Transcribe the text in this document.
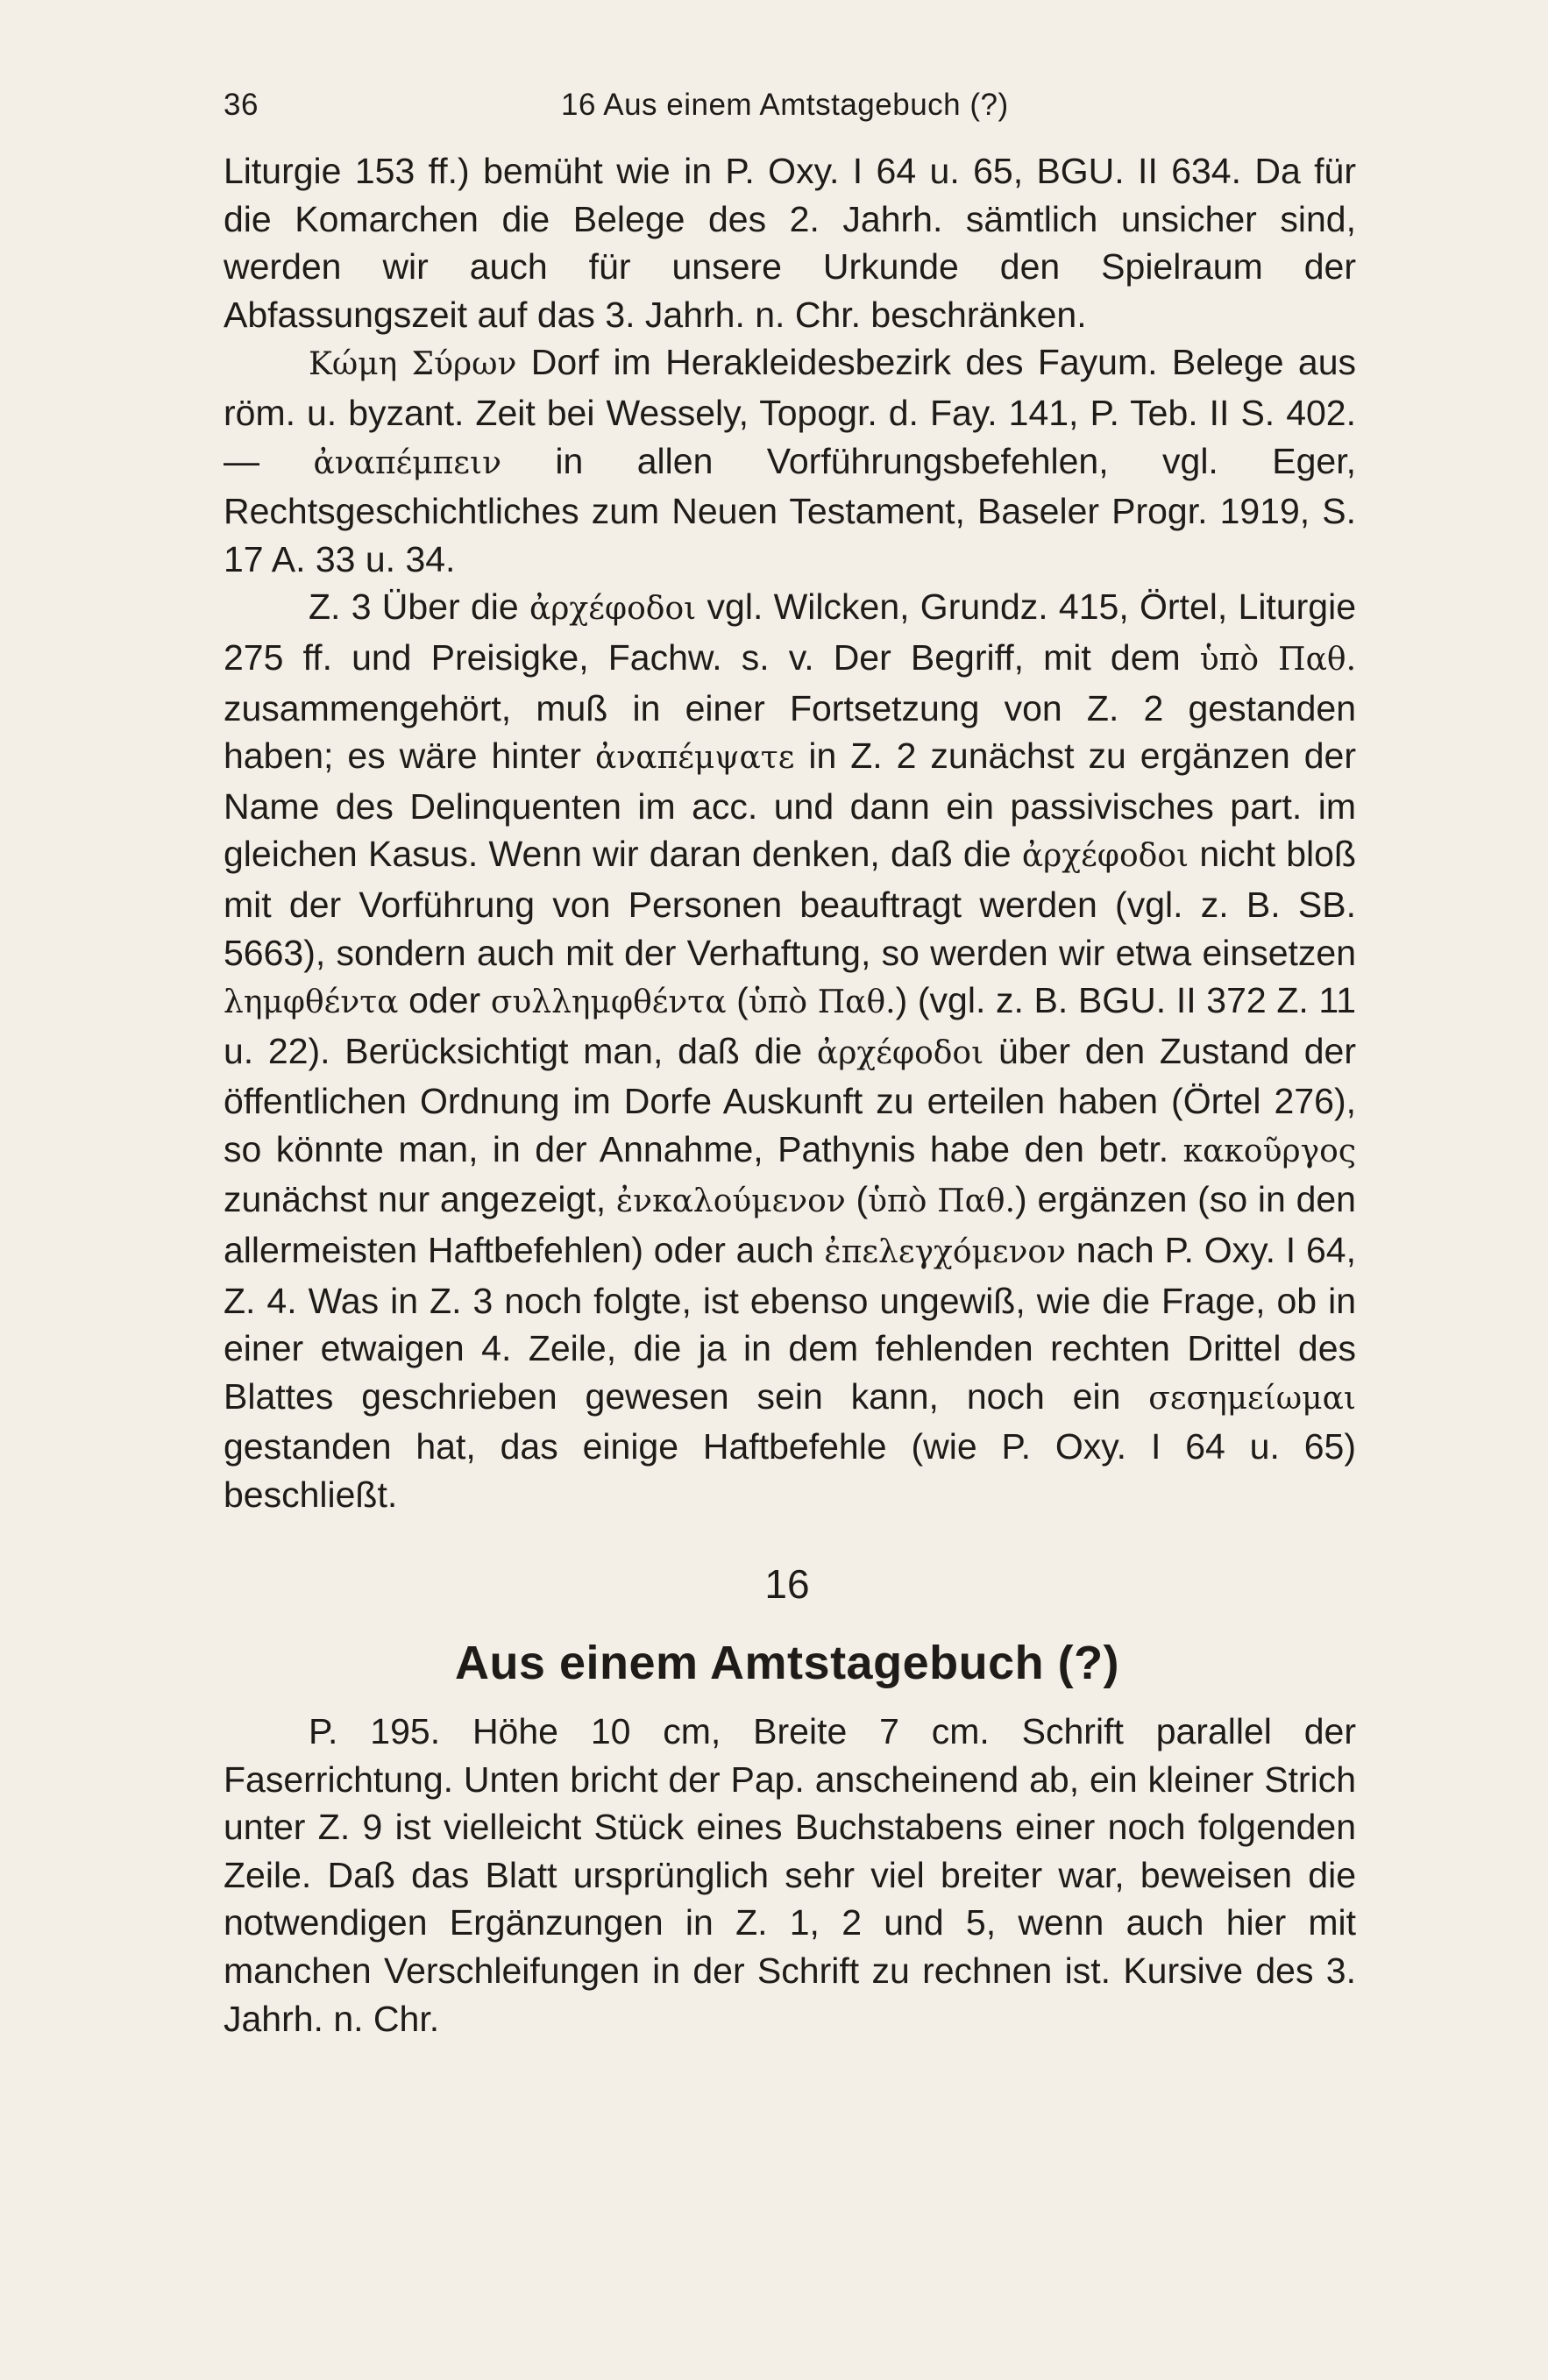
36	16 Aus einem Amtstagebuch (?)

Liturgie 153 ff.) bemüht wie in P. Oxy. I 64 u. 65, BGU. II 634. Da für die Komarchen die Belege des 2. Jahrh. sämtlich unsicher sind, werden wir auch für unsere Urkunde den Spielraum der Abfassungszeit auf das 3. Jahrh. n. Chr. beschränken.

Κώμη Σύρων Dorf im Herakleidesbezirk des Fayum. Belege aus röm. u. byzant. Zeit bei Wessely, Topogr. d. Fay. 141, P. Teb. II S. 402. — ἀναπέμπειν in allen Vorführungsbefehlen, vgl. Eger, Rechtsgeschichtliches zum Neuen Testament, Baseler Progr. 1919, S. 17 A. 33 u. 34.

Z. 3 Über die ἀρχέφοδοι vgl. Wilcken, Grundz. 415, Örtel, Liturgie 275 ff. und Preisigke, Fachw. s. v. Der Begriff, mit dem ὑπὸ Παθ. zusammengehört, muß in einer Fortsetzung von Z. 2 gestanden haben; es wäre hinter ἀναπέμψατε in Z. 2 zunächst zu ergänzen der Name des Delinquenten im acc. und dann ein passivisches part. im gleichen Kasus. Wenn wir daran denken, daß die ἀρχέφοδοι nicht bloß mit der Vorführung von Personen beauftragt werden (vgl. z. B. SB. 5663), sondern auch mit der Verhaftung, so werden wir etwa einsetzen λημφθέντα oder συλλημφθέντα (ὑπὸ Παθ.) (vgl. z. B. BGU. II 372 Z. 11 u. 22). Berücksichtigt man, daß die ἀρχέφοδοι über den Zustand der öffentlichen Ordnung im Dorfe Auskunft zu erteilen haben (Örtel 276), so könnte man, in der Annahme, Pathynis habe den betr. κακοῦργος zunächst nur angezeigt, ἐνκαλούμενον (ὑπὸ Παθ.) ergänzen (so in den allermeisten Haftbefehlen) oder auch ἐπελεγχόμενον nach P. Oxy. I 64, Z. 4. Was in Z. 3 noch folgte, ist ebenso ungewiß, wie die Frage, ob in einer etwaigen 4. Zeile, die ja in dem fehlenden rechten Drittel des Blattes geschrieben gewesen sein kann, noch ein σεσημείωμαι gestanden hat, das einige Haftbefehle (wie P. Oxy. I 64 u. 65) beschließt.

16
Aus einem Amtstagebuch (?)

P. 195. Höhe 10 cm, Breite 7 cm. Schrift parallel der Faserrichtung. Unten bricht der Pap. anscheinend ab, ein kleiner Strich unter Z. 9 ist vielleicht Stück eines Buchstabens einer noch folgenden Zeile. Daß das Blatt ursprünglich sehr viel breiter war, beweisen die notwendigen Ergänzungen in Z. 1, 2 und 5, wenn auch hier mit manchen Verschleifungen in der Schrift zu rechnen ist. Kursive des 3. Jahrh. n. Chr.
